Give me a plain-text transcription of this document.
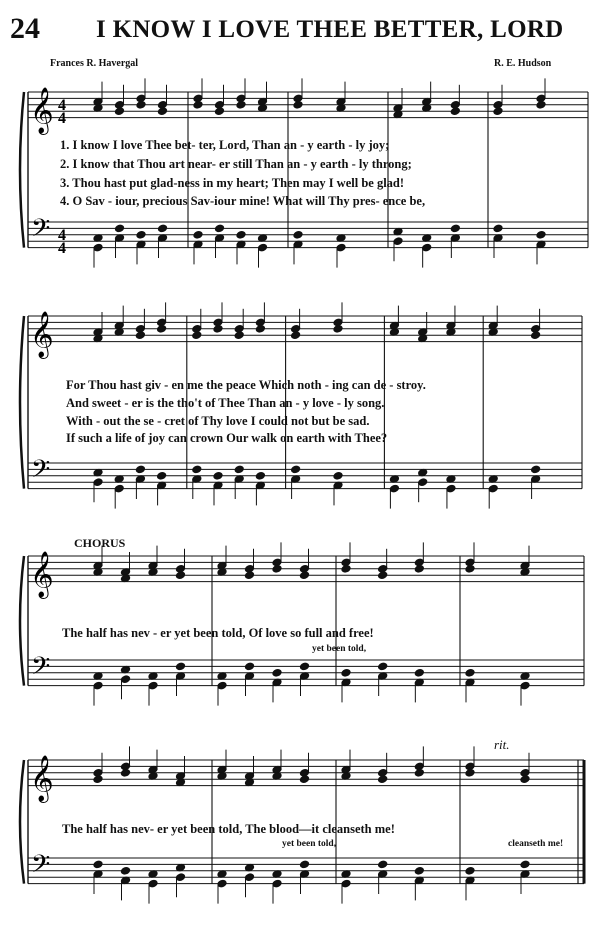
24 I KNOW I LOVE THEE BETTER, LORD
Frances R. Havergal	R. E. Hudson
𝄞
𝄢
4
4
4
4
𝄞
𝄢
𝄞
𝄢
𝄞
𝄢
1. I know I love Thee bet- ter, Lord, Than an - y earth - ly joy;
2. I know that Thou art near- er still Than an - y earth - ly throng;
3. Thou hast put glad-ness in my heart; Then may I well be glad!
4. O Sav - iour, precious Sav-iour mine! What will Thy pres- ence be,
For Thou hast giv - en me the peace Which noth - ing can de - stroy.
And sweet - er is the tho't of Thee Than an - y love - ly song.
With - out the se - cret of Thy love I could not but be sad.
If such a life of joy can crown Our walk on earth with Thee?
CHORUS
The half has nev - er yet been told, Of love so full and free!
yet been told,
rit.
The half has nev- er yet been told, The blood—it cleanseth me!
yet been told,	cleanseth me!
